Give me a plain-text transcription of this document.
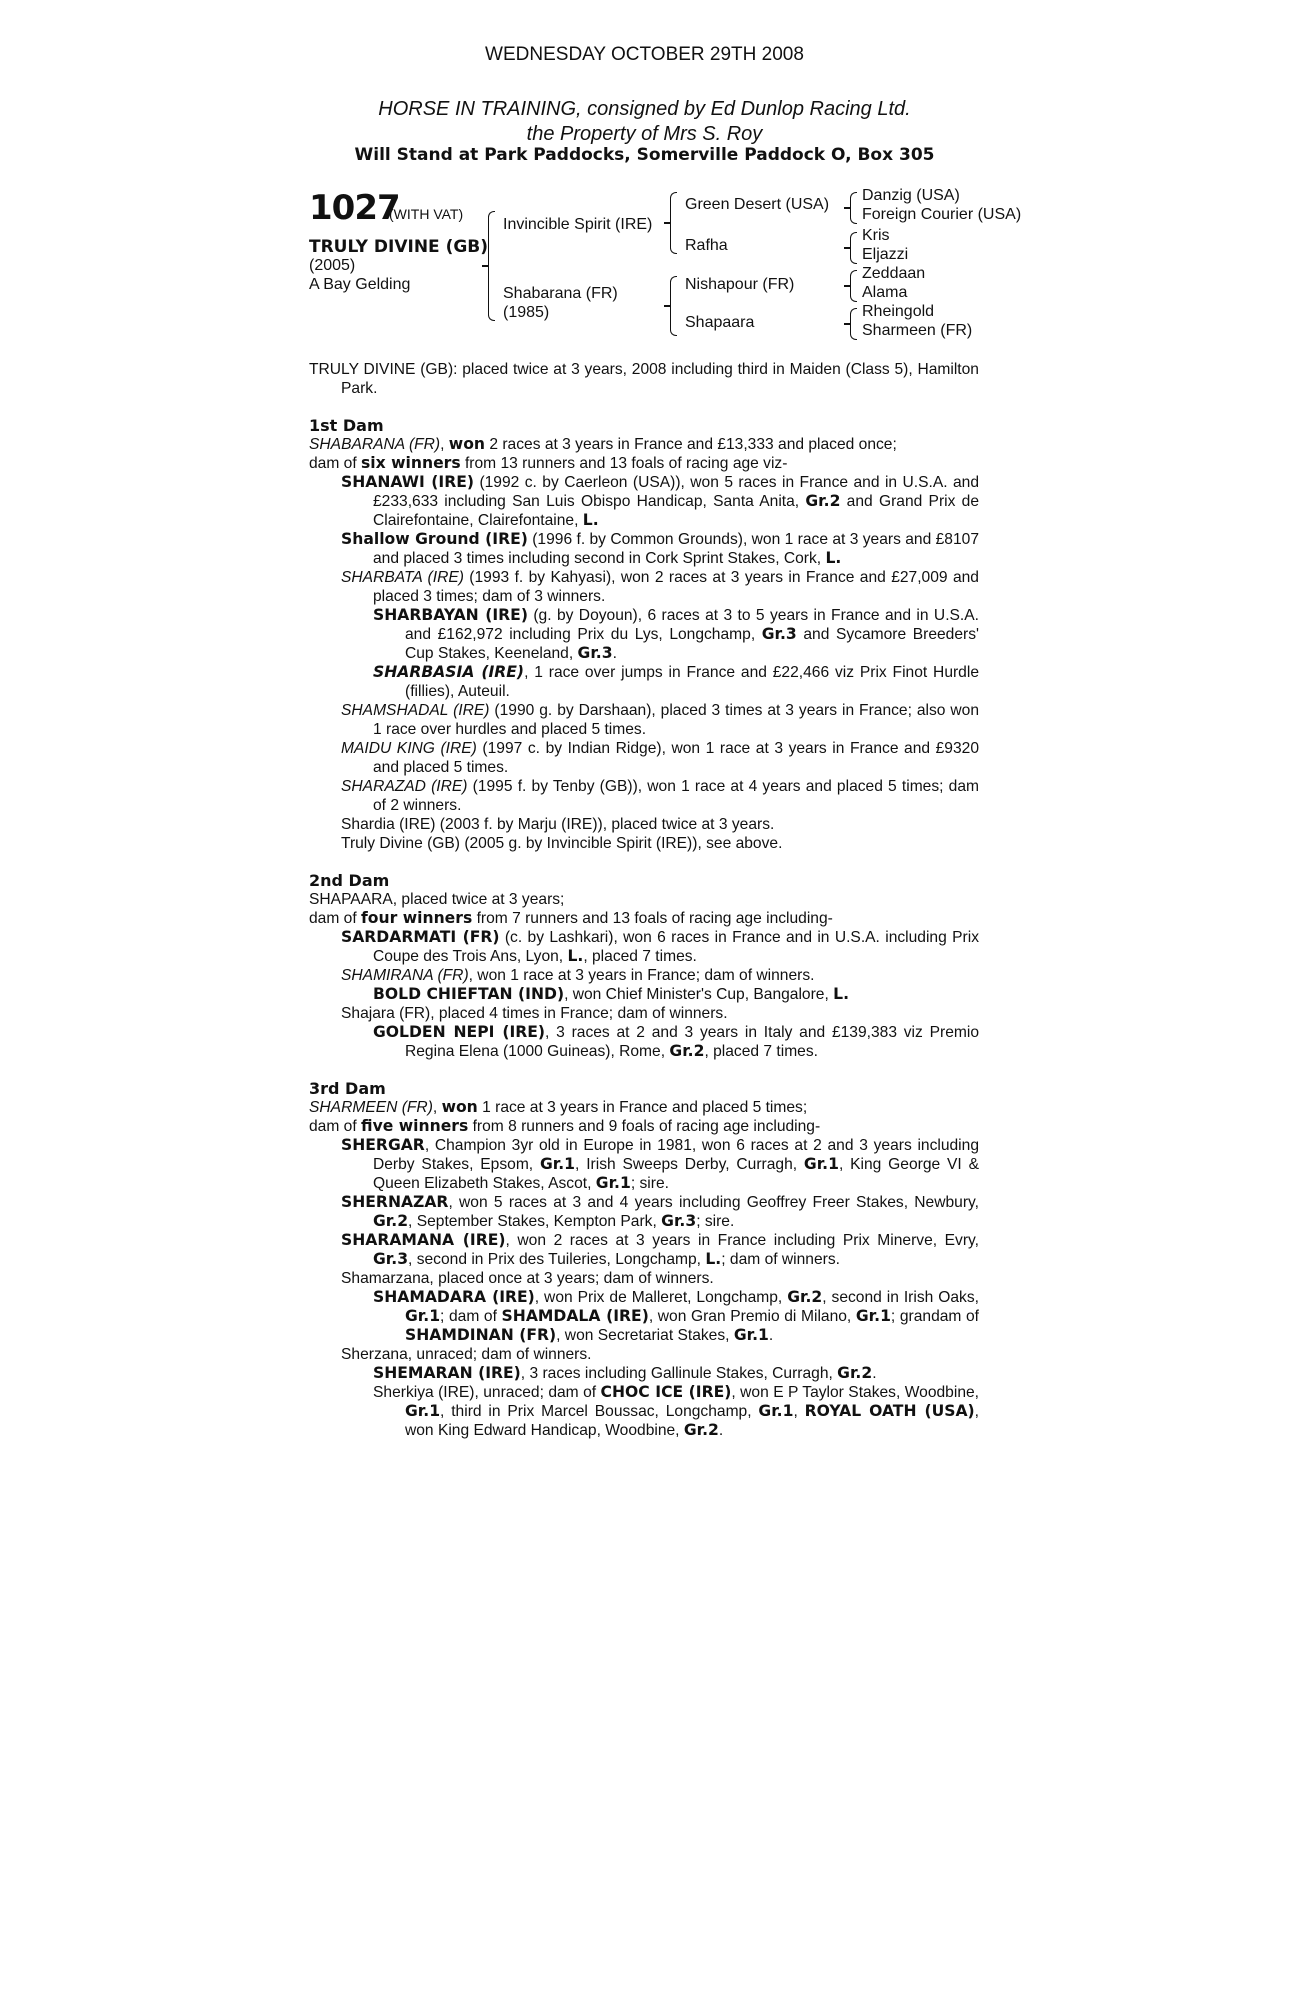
WEDNESDAY OCTOBER 29TH 2008
HORSE IN TRAINING, consigned by Ed Dunlop Racing Ltd.
the Property of Mrs S. Roy
Will Stand at Park Paddocks, Somerville Paddock O, Box 305
1027
(WITH VAT)
TRULY DIVINE (GB)
(2005)
A Bay Gelding
Invincible Spirit (IRE)
Shabarana (FR)
(1985)
Green Desert (USA)
Rafha
Nishapour (FR)
Shapaara
Danzig (USA)
Foreign Courier (USA)
Kris
Eljazzi
Zeddaan
Alama
Rheingold
Sharmeen (FR)

TRULY DIVINE (GB): placed twice at 3 years, 2008 including third in Maiden (Class 5), Hamilton Park.

1st Dam

SHABARANA (FR), won 2 races at 3 years in France and £13,333 and placed once;

dam of six winners from 13 runners and 13 foals of racing age viz-

SHANAWI (IRE) (1992 c. by Caerleon (USA)), won 5 races in France and in U.S.A. and £233,633 including San Luis Obispo Handicap, Santa Anita, Gr.2 and Grand Prix de Clairefontaine, Clairefontaine, L.

Shallow Ground (IRE) (1996 f. by Common Grounds), won 1 race at 3 years and £8107 and placed 3 times including second in Cork Sprint Stakes, Cork, L.

SHARBATA (IRE) (1993 f. by Kahyasi), won 2 races at 3 years in France and £27,009 and placed 3 times; dam of 3 winners.

SHARBAYAN (IRE) (g. by Doyoun), 6 races at 3 to 5 years in France and in U.S.A. and £162,972 including Prix du Lys, Longchamp, Gr.3 and Sycamore Breeders' Cup Stakes, Keeneland, Gr.3.

SHARBASIA (IRE), 1 race over jumps in France and £22,466 viz Prix Finot Hurdle (fillies), Auteuil.

SHAMSHADAL (IRE) (1990 g. by Darshaan), placed 3 times at 3 years in France; also won 1 race over hurdles and placed 5 times.

MAIDU KING (IRE) (1997 c. by Indian Ridge), won 1 race at 3 years in France and £9320 and placed 5 times.

SHARAZAD (IRE) (1995 f. by Tenby (GB)), won 1 race at 4 years and placed 5 times; dam of 2 winners.

Shardia (IRE) (2003 f. by Marju (IRE)), placed twice at 3 years.

Truly Divine (GB) (2005 g. by Invincible Spirit (IRE)), see above.

2nd Dam

SHAPAARA, placed twice at 3 years;

dam of four winners from 7 runners and 13 foals of racing age including-

SARDARMATI (FR) (c. by Lashkari), won 6 races in France and in U.S.A. including Prix Coupe des Trois Ans, Lyon, L., placed 7 times.

SHAMIRANA (FR), won 1 race at 3 years in France; dam of winners.

BOLD CHIEFTAN (IND), won Chief Minister's Cup, Bangalore, L.

Shajara (FR), placed 4 times in France; dam of winners.

GOLDEN NEPI (IRE), 3 races at 2 and 3 years in Italy and £139,383 viz Premio Regina Elena (1000 Guineas), Rome, Gr.2, placed 7 times.

3rd Dam

SHARMEEN (FR), won 1 race at 3 years in France and placed 5 times;

dam of five winners from 8 runners and 9 foals of racing age including-

SHERGAR, Champion 3yr old in Europe in 1981, won 6 races at 2 and 3 years including Derby Stakes, Epsom, Gr.1, Irish Sweeps Derby, Curragh, Gr.1, King George VI & Queen Elizabeth Stakes, Ascot, Gr.1; sire.

SHERNAZAR, won 5 races at 3 and 4 years including Geoffrey Freer Stakes, Newbury, Gr.2, September Stakes, Kempton Park, Gr.3; sire.

SHARAMANA (IRE), won 2 races at 3 years in France including Prix Minerve, Evry, Gr.3, second in Prix des Tuileries, Longchamp, L.; dam of winners.

Shamarzana, placed once at 3 years; dam of winners.

SHAMADARA (IRE), won Prix de Malleret, Longchamp, Gr.2, second in Irish Oaks, Gr.1; dam of SHAMDALA (IRE), won Gran Premio di Milano, Gr.1; grandam of SHAMDINAN (FR), won Secretariat Stakes, Gr.1.

Sherzana, unraced; dam of winners.

SHEMARAN (IRE), 3 races including Gallinule Stakes, Curragh, Gr.2.

Sherkiya (IRE), unraced; dam of CHOC ICE (IRE), won E P Taylor Stakes, Woodbine, Gr.1, third in Prix Marcel Boussac, Longchamp, Gr.1, ROYAL OATH (USA), won King Edward Handicap, Woodbine, Gr.2.
